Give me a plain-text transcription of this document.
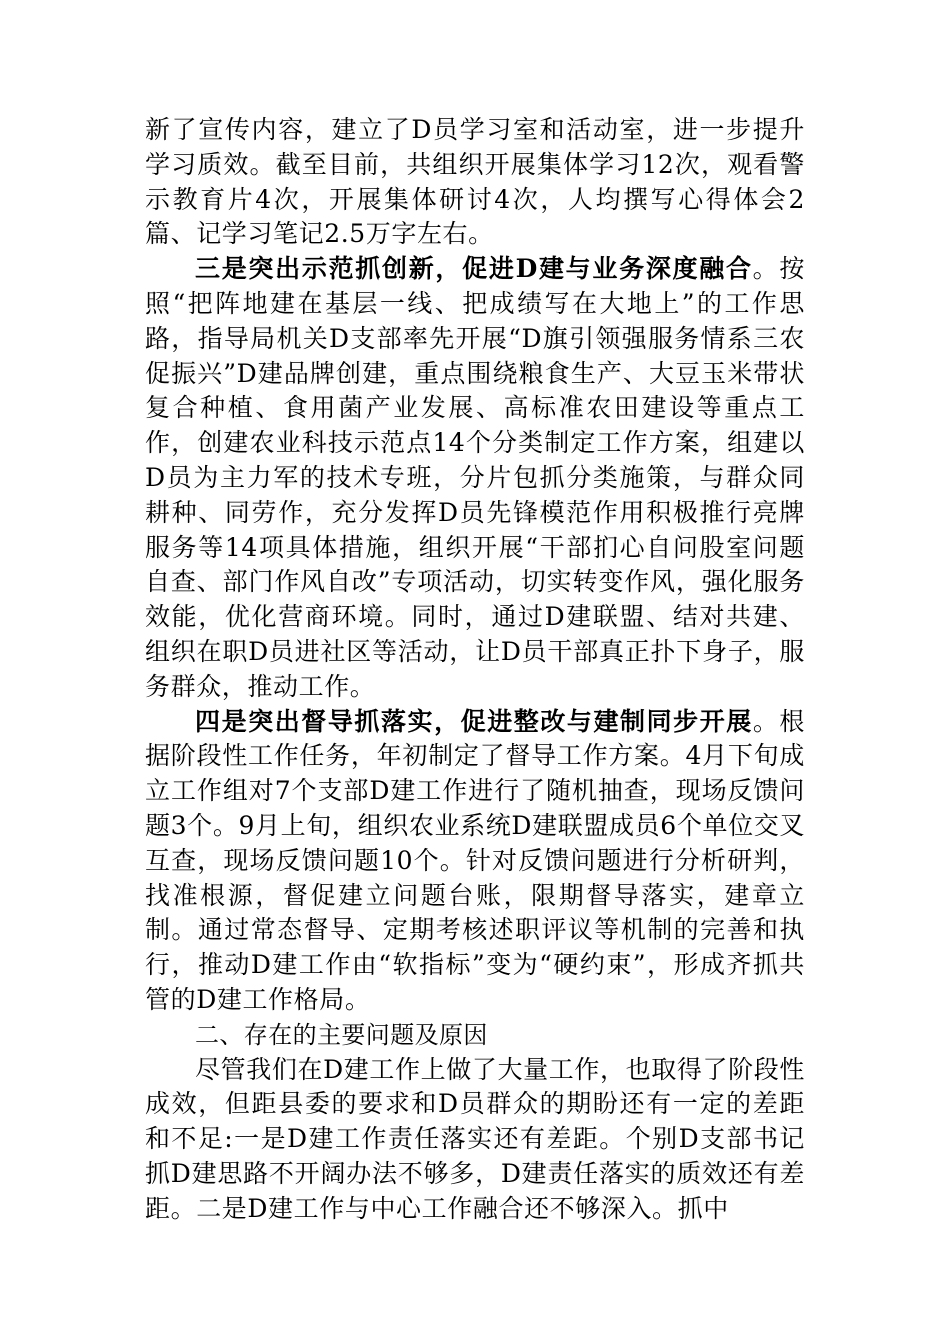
新了宣传内容，建立了D员学习室和活动室，进一步提升学习质效。截至目前，共组织开展集体学习12次，观看警示教育片4次，开展集体研讨4次，人均撰写心得体会2篇、记学习笔记2.5万字左右。

三是突出示范抓创新，促进D建与业务深度融合。按照“把阵地建在基层一线、把成绩写在大地上”的工作思路，指导局机关D支部率先开展“D旗引领强服务情系三农促振兴”D建品牌创建，重点围绕粮食生产、大豆玉米带状复合种植、食用菌产业发展、高标准农田建设等重点工作，创建农业科技示范点14个分类制定工作方案，组建以D员为主力军的技术专班，分片包抓分类施策，与群众同耕种、同劳作，充分发挥D员先锋模范作用积极推行亮牌服务等14项具体措施，组织开展“干部扪心自问股室问题自查、部门作风自改”专项活动，切实转变作风，强化服务效能，优化营商环境。同时，通过D建联盟、结对共建、组织在职D员进社区等活动，让D员干部真正扑下身子，服务群众，推动工作。

四是突出督导抓落实，促进整改与建制同步开展。根据阶段性工作任务，年初制定了督导工作方案。4月下旬成立工作组对7个支部D建工作进行了随机抽查，现场反馈问题3个。9月上旬，组织农业系统D建联盟成员6个单位交叉互查，现场反馈问题10个。针对反馈问题进行分析研判，找准根源，督促建立问题台账，限期督导落实，建章立制。通过常态督导、定期考核述职评议等机制的完善和执行，推动D建工作由“软指标”变为“硬约束”，形成齐抓共管的D建工作格局。

二、存在的主要问题及原因

尽管我们在D建工作上做了大量工作，也取得了阶段性成效，但距县委的要求和D员群众的期盼还有一定的差距和不足:一是D建工作责任落实还有差距。个别D支部书记抓D建思路不开阔办法不够多，D建责任落实的质效还有差距。二是D建工作与中心工作融合还不够深入。抓中
